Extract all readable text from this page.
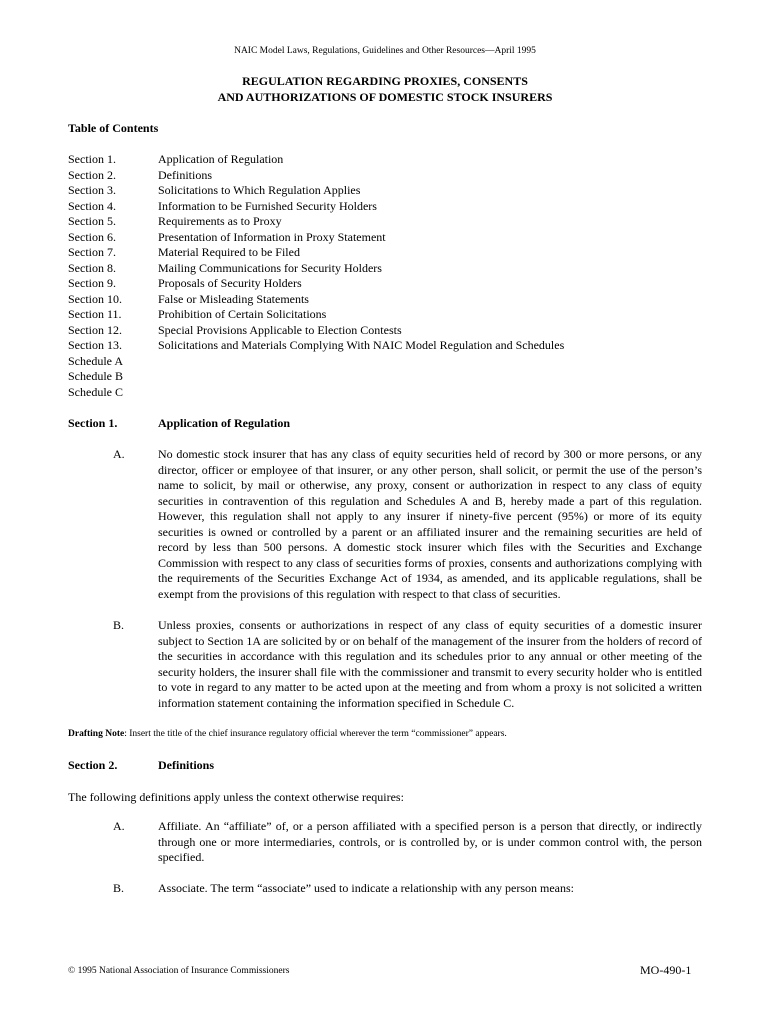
NAIC Model Laws, Regulations, Guidelines and Other Resources—April 1995
REGULATION REGARDING PROXIES, CONSENTS
AND AUTHORIZATIONS OF DOMESTIC STOCK INSURERS
Table of Contents
Section 1.	Application of Regulation
Section 2.	Definitions
Section 3.	Solicitations to Which Regulation Applies
Section 4.	Information to be Furnished Security Holders
Section 5.	Requirements as to Proxy
Section 6.	Presentation of Information in Proxy Statement
Section 7.	Material Required to be Filed
Section 8.	Mailing Communications for Security Holders
Section 9.	Proposals of Security Holders
Section 10.	False or Misleading Statements
Section 11.	Prohibition of Certain Solicitations
Section 12.	Special Provisions Applicable to Election Contests
Section 13.	Solicitations and Materials Complying With NAIC Model Regulation and Schedules
Schedule A
Schedule B
Schedule C
Section 1.	Application of Regulation
A.	No domestic stock insurer that has any class of equity securities held of record by 300 or more persons, or any director, officer or employee of that insurer, or any other person, shall solicit, or permit the use of the person’s name to solicit, by mail or otherwise, any proxy, consent or authorization in respect to any class of equity securities in contravention of this regulation and Schedules A and B, hereby made a part of this regulation. However, this regulation shall not apply to any insurer if ninety-five percent (95%) or more of its equity securities is owned or controlled by a parent or an affiliated insurer and the remaining securities are held of record by less than 500 persons. A domestic stock insurer which files with the Securities and Exchange Commission with respect to any class of securities forms of proxies, consents and authorizations complying with the requirements of the Securities Exchange Act of 1934, as amended, and its applicable regulations, shall be exempt from the provisions of this regulation with respect to that class of securities.
B.	Unless proxies, consents or authorizations in respect of any class of equity securities of a domestic insurer subject to Section 1A are solicited by or on behalf of the management of the insurer from the holders of record of the securities in accordance with this regulation and its schedules prior to any annual or other meeting of the security holders, the insurer shall file with the commissioner and transmit to every security holder who is entitled to vote in regard to any matter to be acted upon at the meeting and from whom a proxy is not solicited a written information statement containing the information specified in Schedule C.
Drafting Note: Insert the title of the chief insurance regulatory official wherever the term “commissioner” appears.
Section 2.	Definitions
The following definitions apply unless the context otherwise requires:
A.	Affiliate. An “affiliate” of, or a person affiliated with a specified person is a person that directly, or indirectly through one or more intermediaries, controls, or is controlled by, or is under common control with, the person specified.
B.	Associate. The term “associate” used to indicate a relationship with any person means:
© 1995 National Association of Insurance Commissioners	MO-490-1
